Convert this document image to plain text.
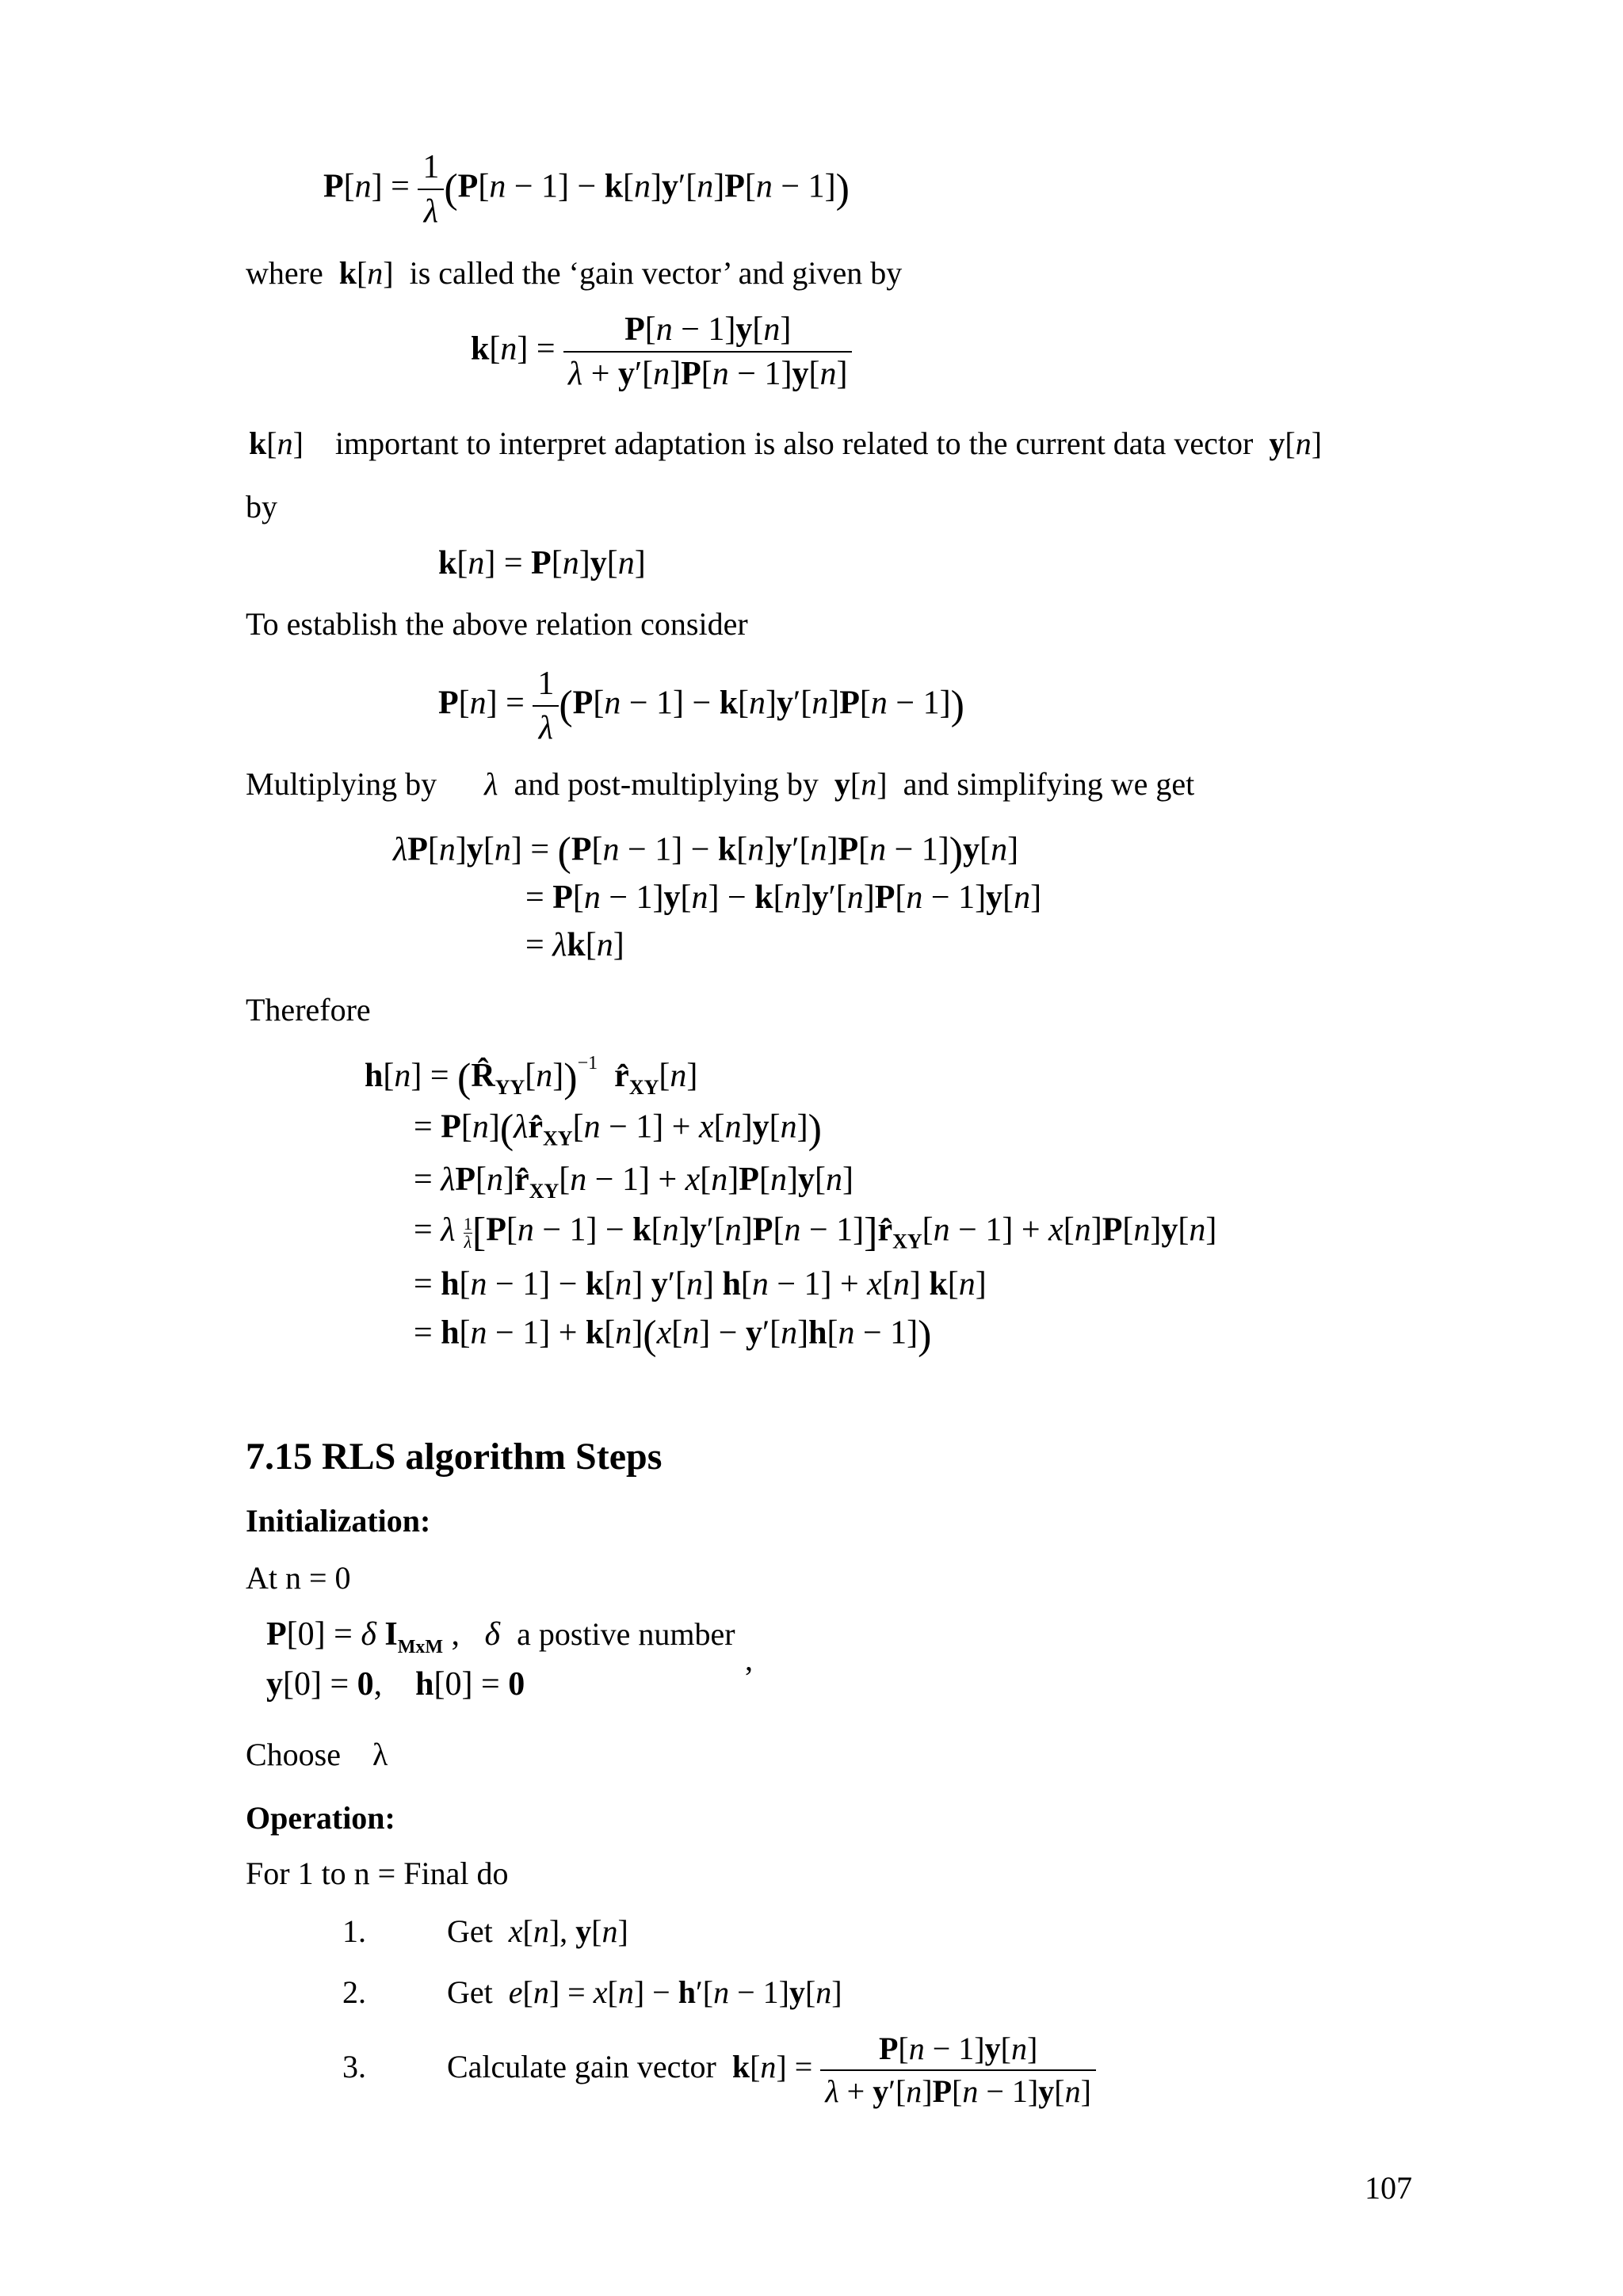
$P[n] = \frac{1}{\lambda} (P[n - 1] - k[n]y'[n]P[n - 1])$
where k[n]  is called the ‘gain vector’ and given by
$k[n] = \frac{P[n - 1]y[n]}{\lambda + y'[n]P[n - 1]y[n]}$
k[n] important to interpret adaptation is also related to the current data vector y[n]
by
k[n] = P[n]y[n]
To establish the above relation consider
$P[n] = \frac{1}{\lambda} (P[n - 1] - k[n]y'[n]P[n - 1])$
Multiplying by λ and post-multiplying by y[n] and simplifying we get
λP[n]y[n] = (P[n − 1] − k[n]y′[n]P[n − 1])y[n]
= P[n − 1]y[n] − k[n]y′[n]P[n − 1]y[n]
= λk[n]
Therefore
$h[n] = (R̂_{YY}[n])^{-1}$ $r̂_{XY}[n]$
= $P[n](\lambda r̂_{XY}[n - 1] + x[n]y[n])$
= $\lambda P[n]r̂_{XY}[n - 1] + x[n]P[n]y[n]$
= λ $\frac{1}{\lambda} [P[n - 1] - k[n]y'[n]P[n$ − $1]]r̂_{XY}[n - 1] + x[n]P[n]y[n]$
= h[n − 1] − k[n] y′[n] h[n − 1] + x[n] k[n]
= h[n − 1] + k[n](x[n] − y′[n]h[n − 1])
7.15 RLS algorithm Steps
Initialization:
At n = 0
P[0] = δ $I_{MxM}$ ,   δ a postive number
,
y[0] = 0,    h[0] = 0
Choose λ
Operation:
For 1 to n = Final do
1.	Get x[n], y[n]
2.	Get e[n] = x[n] − h′[n − 1]y[n]
3.	Calculate gain vector $k[n] = \frac{P[n - 1]y[n]}{\lambda + y'[n]P[n - 1]y[n]}$
107
